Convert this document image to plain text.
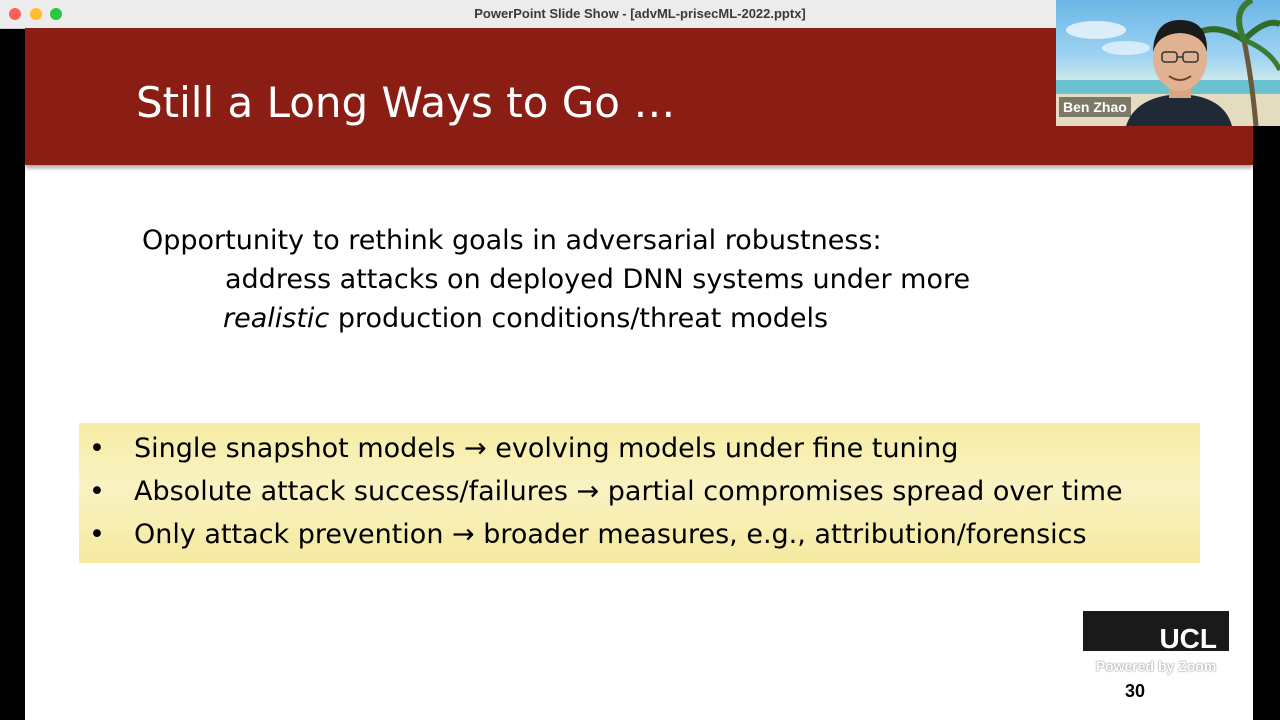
PowerPoint Slide Show - [advML-prisecML-2022.pptx]
Still a Long Ways to Go …
Opportunity to rethink goals in adversarial robustness:
address attacks on deployed DNN systems under more
realistic production conditions/threat models
• Single snapshot models → evolving models under fine tuning
• Absolute attack success/failures → partial compromises spread over time
• Only attack prevention → broader measures, e.g., attribution/forensics
UCL
Powered by Zoom
30
Ben Zhao
